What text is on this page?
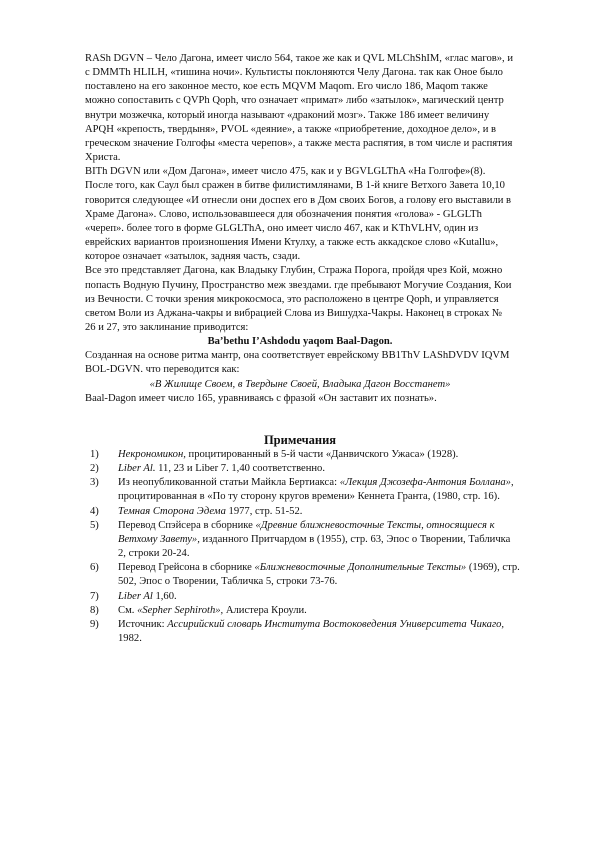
RASh DGVN – Чело Дагона, имеет число 564, такое же как и QVL MLChShIM, «глас магов», и с DMMTh HLILH, «тишина ночи». Культисты поклоняются Челу Дагона. так как Оное было поставлено на его законное место, кое есть MQVM Maqom. Его число 186, Maqom также можно сопоставить с QVPh Qoph, что означает «примат» либо «затылок», магический центр внутри мозжечка, который иногда называют «драконий мозг». Также 186 имеет величину APQH «крепость, твердыня», PVOL «деяние», а также «приобретение, доходное дело», и в греческом значение Голгофы «места черепов», а также места распятия, в том числе и распятия Христа.

BITh DGVN или «Дом Дагона», имеет число 475, как и у BGVLGLThA «На Голгофе»(8). После того, как Саул был сражен в битве филистимлянами, В 1-й книге Ветхого Завета 10,10 говорится следующее «И отнесли они доспех его в Дом своих Богов, а голову его выставили в Храме Дагона». Слово, использовавшееся для обозначения понятия «голова» - GLGLTh «череп». более того в форме GLGLThA, оно имеет число 467, как и KThVLHV, один из еврейских вариантов произношения Имени Ктулху, а также есть аккадское слово «Kutallu», которое означает «затылок, задняя часть, сзади.

Все это представляет Дагона, как Владыку Глубин, Стража Порога, пройдя чрез Кой, можно попасть Водную Пучину, Пространство меж звездами. где пребывают Могучие Создания, Кои из Вечности. С точки зрения микрокосмоса, это расположено в центре Qoph, и управляется светом Воли из Аджана-чакры и вибрацией Слова из Вишудха-Чакры. Наконец в строках № 26 и 27, это заклинание приводится:

Ba’bethu I’Ashdodu yaqom Baal-Dagon.

Созданная на основе ритма мантр, она соответствует еврейскому BB1ThV LAShDVDV IQVM BOL-DGVN. что переводится как:

«В Жилище Своем, в Твердыне Своей, Владыка Дагон Восстанет»

Baal-Dagon имеет число 165, уравниваясь с фразой «Он заставит их познать».

Примечания
1) Некрономикон, процитированный в 5-й части «Данвичского Ужаса» (1928).
2) Liber Al. 11, 23 и Liber 7. 1,40 соответственно.
3) Из неопубликованной статьи Майкла Бертиакса: «Лекция Джозефа-Антония Боллана», процитированная в «По ту сторону кругов времени» Кеннета Гранта, (1980, стр. 16).
4) Темная Сторона Эдема 1977, стр. 51-52.
5) Перевод Спэйсера в сборнике «Древние ближневосточные Тексты, относящиеся к Ветхому Завету», изданного Притчардом в (1955), стр. 63, Эпос о Творении, Табличка 2, строки 20-24.
6) Перевод Грейсона в сборнике «Ближневосточные Дополнительные Тексты» (1969), стр. 502, Эпос о Творении, Табличка 5, строки 73-76.
7) Liber Al 1,60.
8) См. «Sepher Sephiroth», Алистера Кроули.
9) Источник: Ассирийский словарь Института Востоковедения Университета Чикаго, 1982.
